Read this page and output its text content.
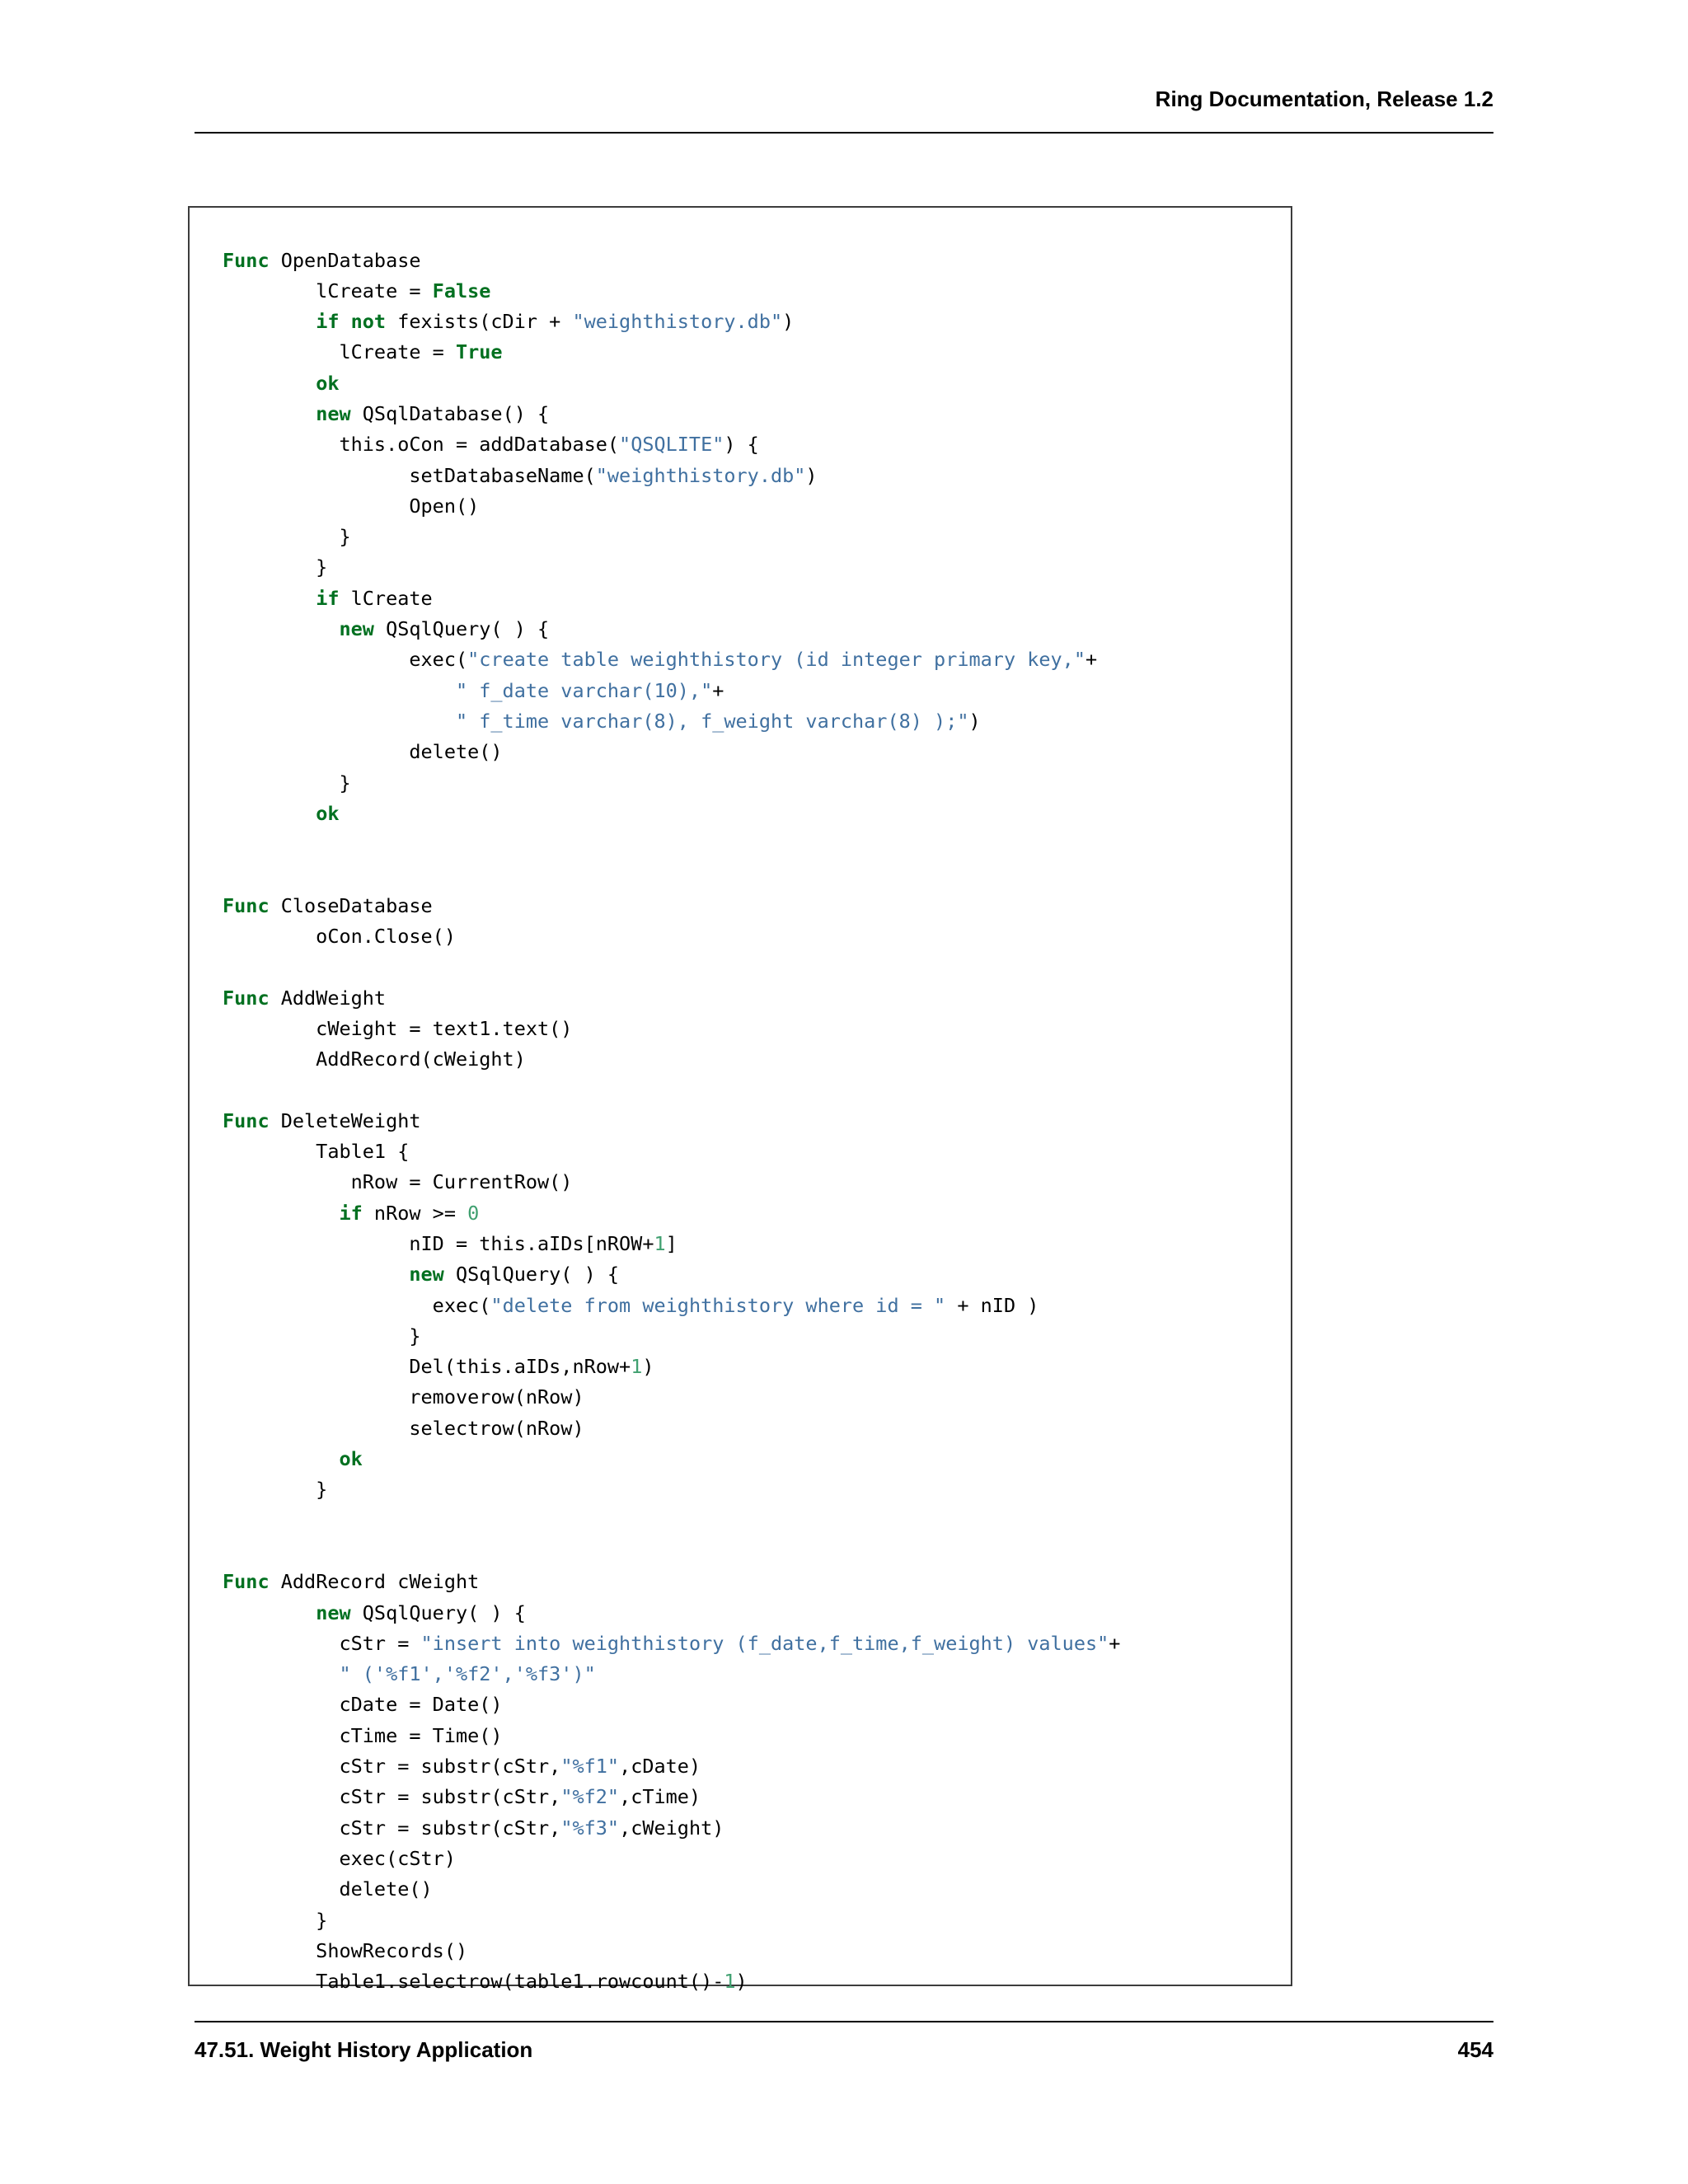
Ring Documentation, Release 1.2
Func OpenDatabase
lCreate = False
if not fexists(cDir + "weighthistory.db")
lCreate = True
ok
new QSqlDatabase() {
this.oCon = addDatabase("QSQLITE") {
setDatabaseName("weighthistory.db")
Open()
}
}
if lCreate
new QSqlQuery( ) {
exec("create table weighthistory (id integer primary key,"+
" f_date varchar(10),"+
" f_time varchar(8), f_weight varchar(8) );")
delete()
}
ok

Func CloseDatabase
oCon.Close()

Func AddWeight
cWeight = text1.text()
AddRecord(cWeight)

Func DeleteWeight
Table1 {
nRow = CurrentRow()
if nRow >= 0
nID = this.aIDs[nROW+1]
new QSqlQuery( ) {
exec("delete from weighthistory where id = " + nID )
}
Del(this.aIDs,nRow+1)
removerow(nRow)
selectrow(nRow)
ok
}

Func AddRecord cWeight
new QSqlQuery( ) {
cStr = "insert into weighthistory (f_date,f_time,f_weight) values"+
" ('%f1','%f2','%f3')"
cDate = Date()
cTime = Time()
cStr = substr(cStr,"%f1",cDate)
cStr = substr(cStr,"%f2",cTime)
cStr = substr(cStr,"%f3",cWeight)
exec(cStr)
delete()
}
ShowRecords()
Table1.selectrow(table1.rowcount()-1)
47.51. Weight History Application	454
